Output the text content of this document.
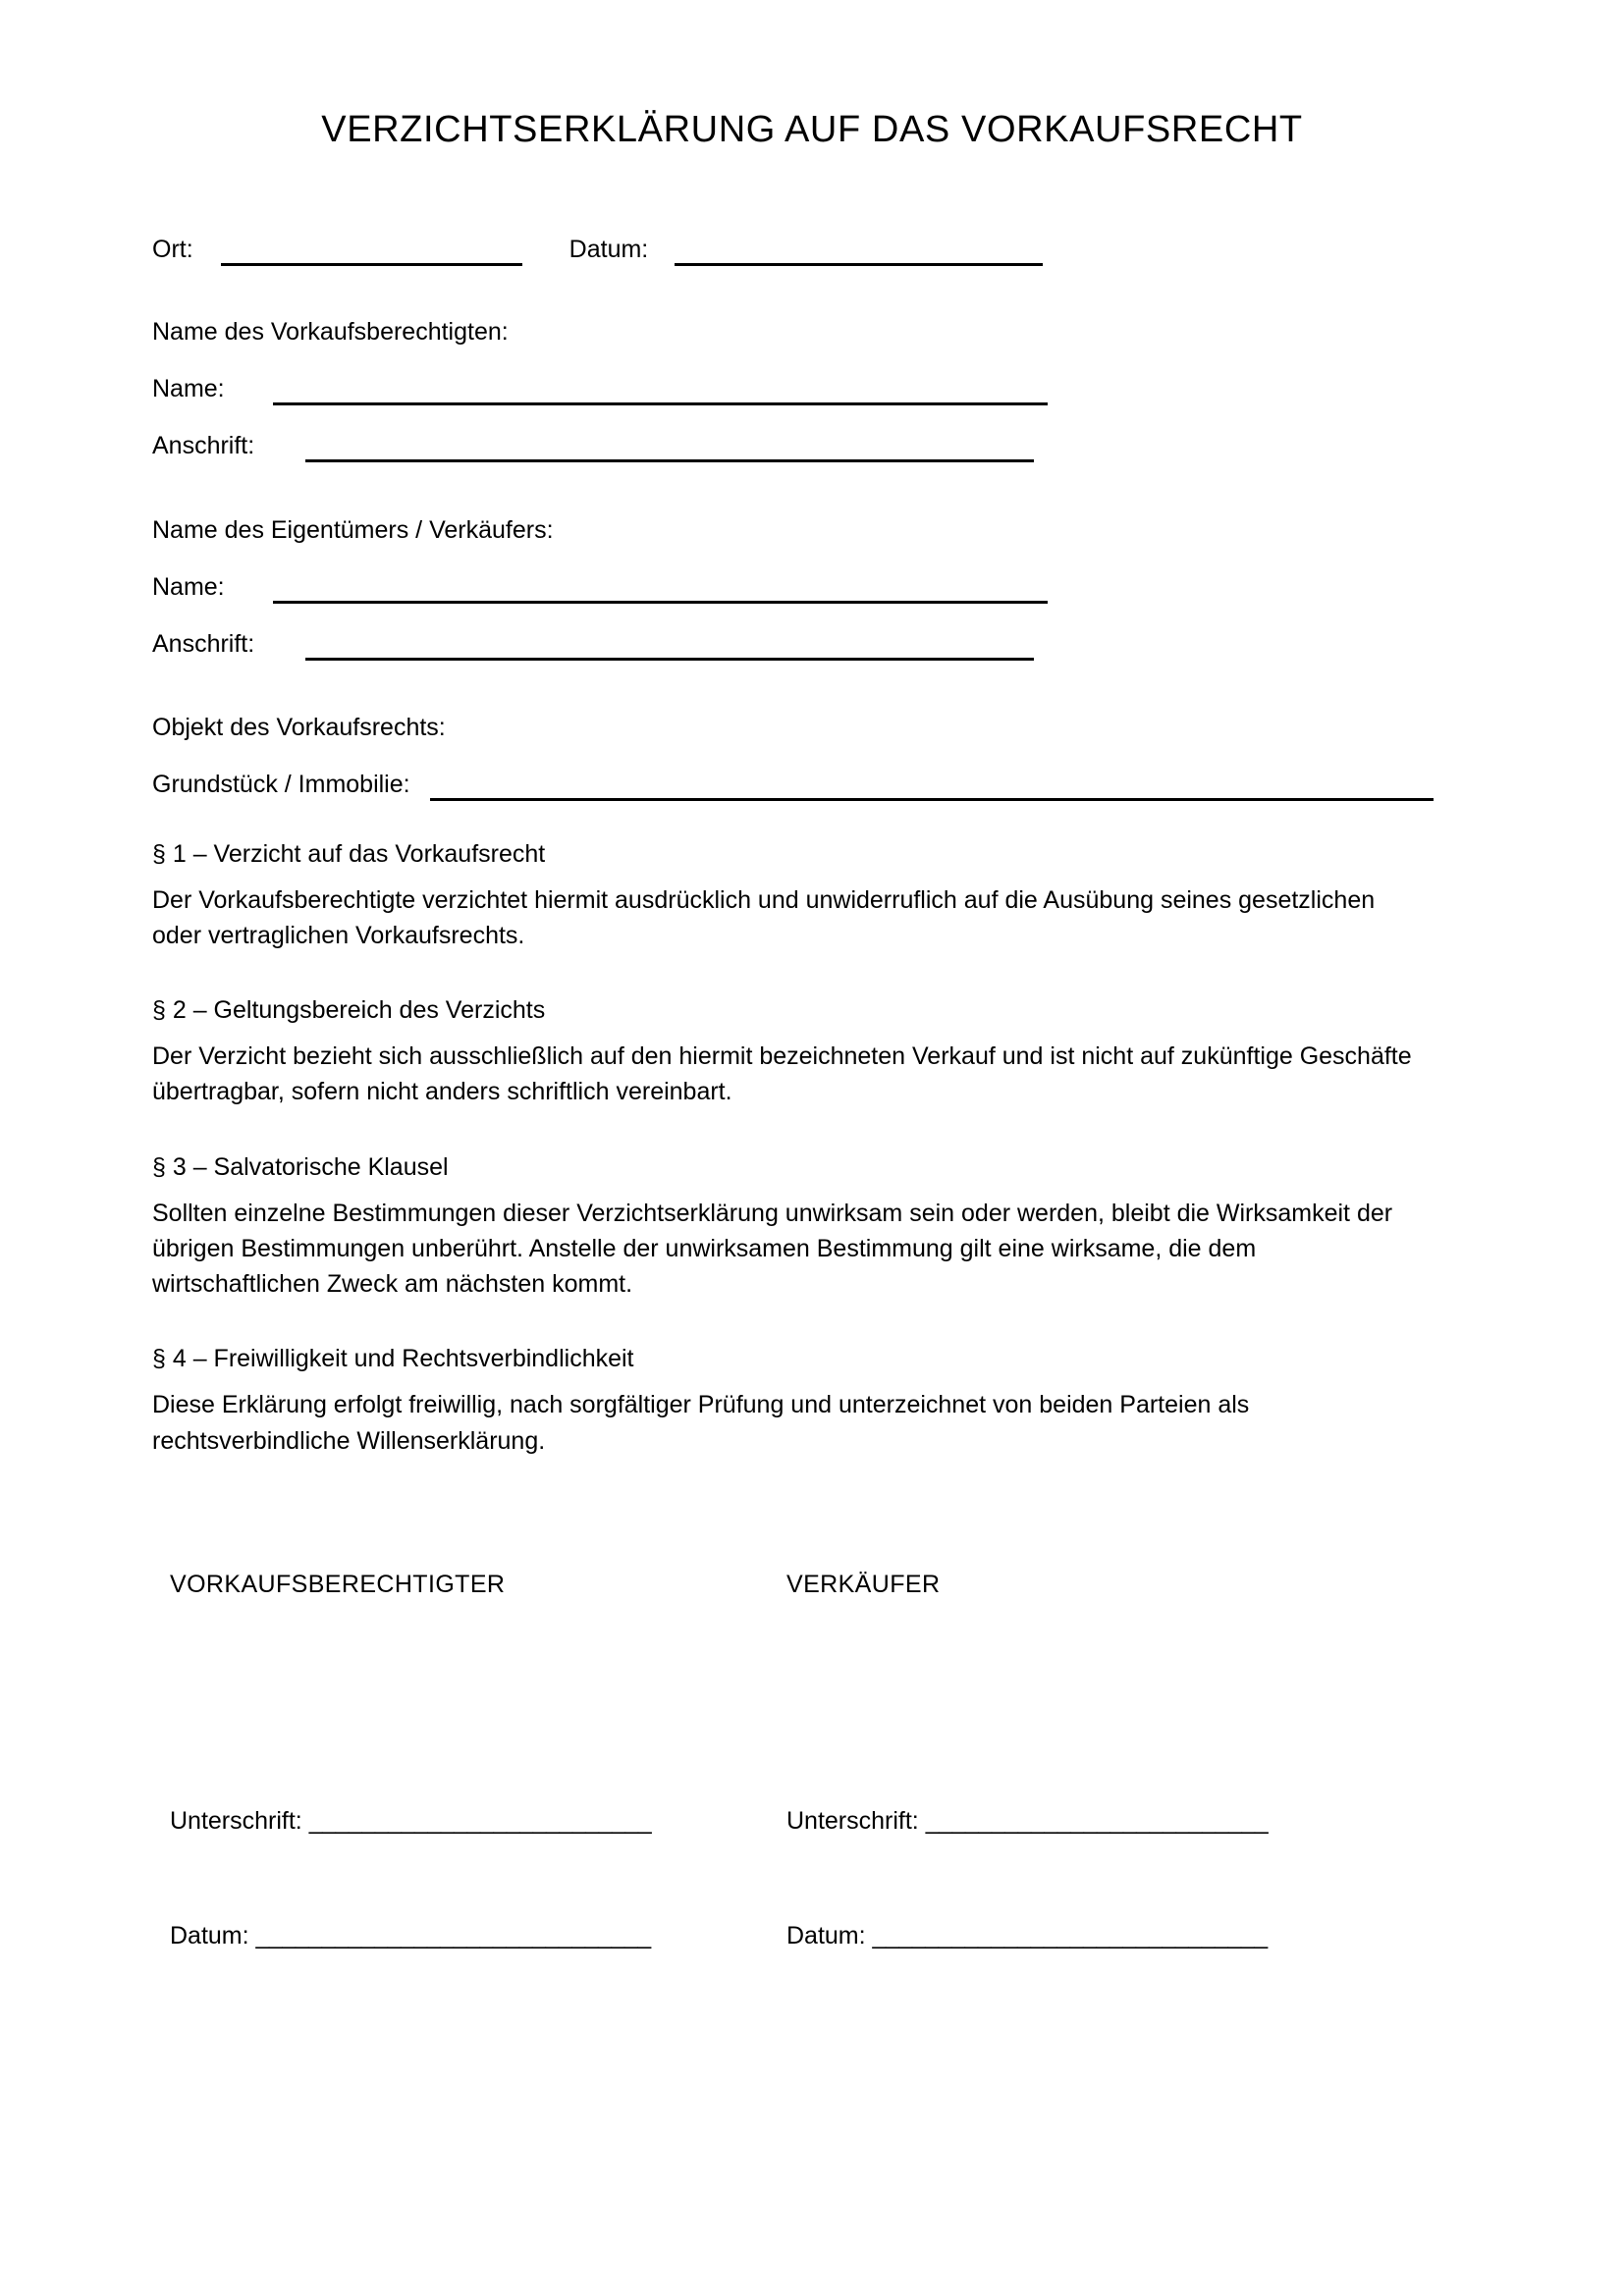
VERZICHTSERKLÄRUNG AUF DAS VORKAUFSRECHT
Ort:	Datum:
Name des Vorkaufsberechtigten:
Name:
Anschrift:
Name des Eigentümers / Verkäufers:
Name:
Anschrift:
Objekt des Vorkaufsrechts:
Grundstück / Immobilie:
§ 1 – Verzicht auf das Vorkaufsrecht

Der Vorkaufsberechtigte verzichtet hiermit ausdrücklich und unwiderruflich auf die Ausübung seines gesetzlichen oder vertraglichen Vorkaufsrechts.

§ 2 – Geltungsbereich des Verzichts

Der Verzicht bezieht sich ausschließlich auf den hiermit bezeichneten Verkauf und ist nicht auf zukünftige Geschäfte übertragbar, sofern nicht anders schriftlich vereinbart.

§ 3 – Salvatorische Klausel

Sollten einzelne Bestimmungen dieser Verzichtserklärung unwirksam sein oder werden, bleibt die Wirksamkeit der übrigen Bestimmungen unberührt. Anstelle der unwirksamen Bestimmung gilt eine wirksame, die dem wirtschaftlichen Zweck am nächsten kommt.

§ 4 – Freiwilligkeit und Rechtsverbindlichkeit

Diese Erklärung erfolgt freiwillig, nach sorgfältiger Prüfung und unterzeichnet von beiden Parteien als rechtsverbindliche Willenserklärung.

VORKAUFSBERECHTIGTER	VERKÄUFER
Unterschrift: __________________________
Datum: ______________________________
Unterschrift: __________________________
Datum: ______________________________
